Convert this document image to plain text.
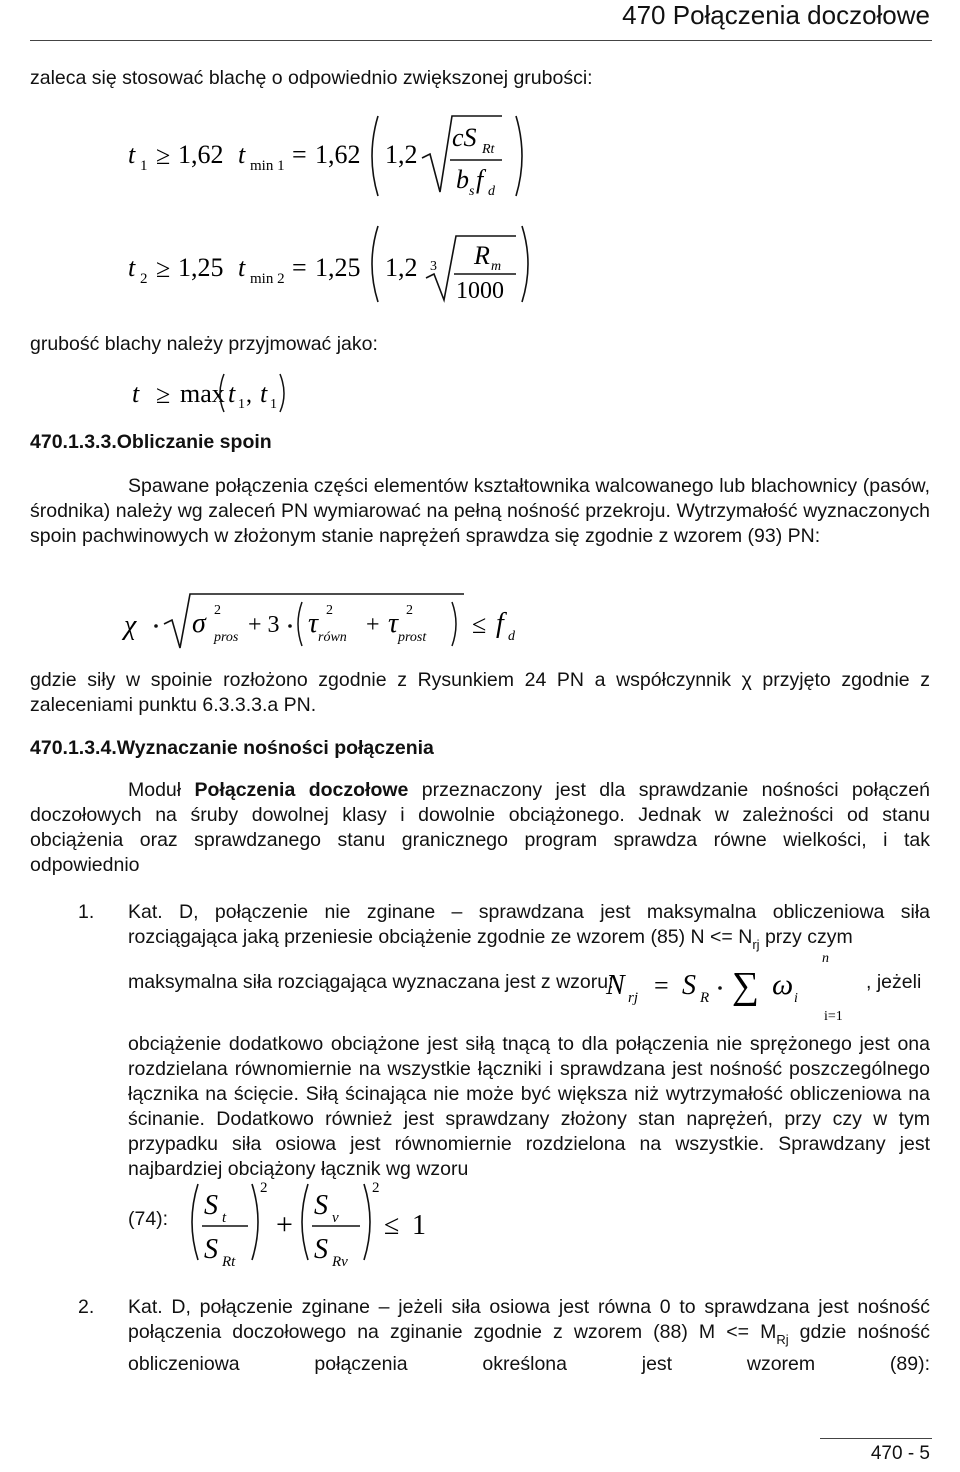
470 Połączenia doczołowe
zaleca się stosować blachę o odpowiednio zwiększonej grubości:
t 1 ≥ 1,62 t min 1 = 1,62 1,2
cS Rt
b s f d
t 2 ≥ 1,25 t min 2 = 1,25 1,2 3 R m
1000
grubość blachy należy przyjmować jako:
t ≥ max t 1 , t 1
470.1.3.3.Obliczanie spoin
Spawane połączenia części elementów kształtownika walcowanego lub blachownicy (pasów, środnika) należy wg zaleceń PN wymiarować na pełną nośność przekroju. Wytrzymałość wyznaczonych spoin pachwinowych w złożonym stanie naprężeń sprawdza się zgodnie z wzorem (93) PN:
χ σ 2
pros + 3 τ 2
równ + τ 2
prost ≤ f d
gdzie siły w spoinie rozłożono zgodnie z Rysunkiem 24 PN a współczynnik χ przyjęto zgodnie z zaleceniami punktu 6.3.3.3.a PN.
470.1.3.4.Wyznaczanie nośności połączenia
Moduł Połączenia doczołowe przeznaczony jest dla sprawdzanie nośności połączeń doczołowych na śruby dowolnej klasy i dowolnie obciążonego. Jednak w zależności od stanu obciążenia oraz sprawdzanego stanu granicznego program sprawdza równe wielkości, i tak odpowiednio
1. Kat. D, połączenie nie zginane – sprawdzana jest maksymalna obliczeniowa siła
rozciągająca jaką przeniesie obciążenie zgodnie ze wzorem (85) $N <= N_{rj}$ przy czym
maksymalna siła rozciągająca wyznaczana jest z wzoru:
N rj = S R
n
∑
i=1
ω i
, jeżeli
obciążenie dodatkowo obciążone jest siłą tnącą to dla połączenia nie sprężonego jest ona rozdzielana równomiernie na wszystkie łączniki i sprawdzana jest nośność poszczególnego łącznika na ścięcie. Siłą ścinająca nie może być większa niż wytrzymałość obliczeniowa na ścinanie. Dodatkowo również jest sprawdzany złożony stan naprężeń, przy czy w tym przypadku siła osiowa jest równomiernie rozdzielona na wszystkie. Sprawdzany jest najbardziej obciążony łącznik wg wzoru
(74): S t
S Rt
2
+
S v
S Rv
2
≤ 1
2. Kat. D, połączenie zginane – jeżeli siła osiowa jest równa 0 to sprawdzana jest nośność połączenia doczołowego na zginanie zgodnie z wzorem (88) $M <= M_{Rj}$ gdzie nośność obliczeniowa połączenia określona jest wzorem (89):
470 - 5
